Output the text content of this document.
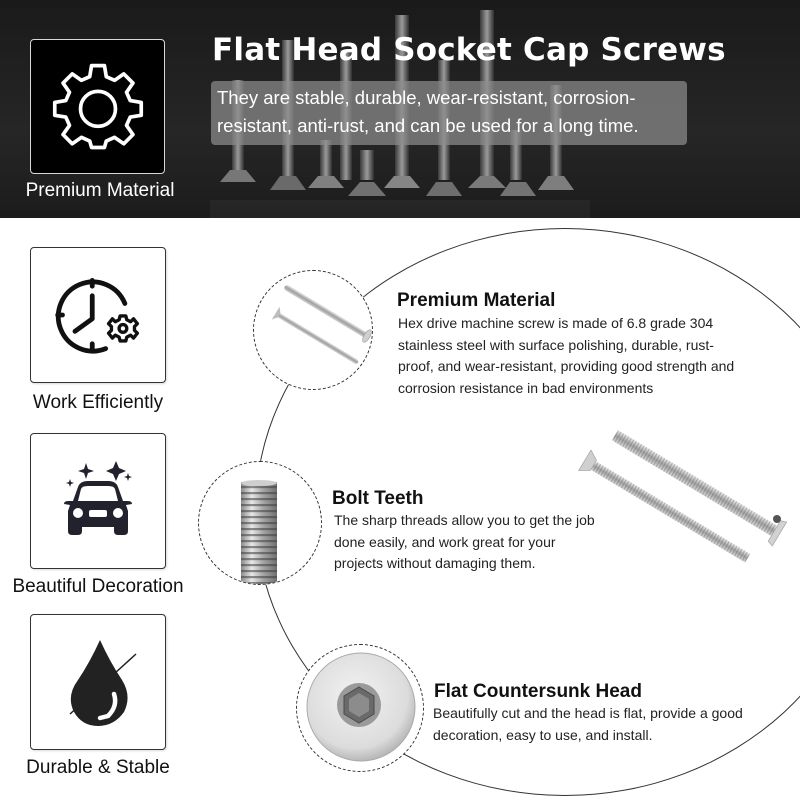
Premium Material
Flat Head Socket Cap Screws
They are stable, durable, wear-resistant, corrosion-resistant, anti-rust, and can be used for a long time.
Work Efficiently
Beautiful Decoration
Durable & Stable
Premium Material
Hex drive machine screw is made of 6.8 grade 304 stainless steel with surface polishing, durable, rust-proof, and wear-resistant, providing good strength and corrosion resistance in bad environments
Bolt Teeth
The sharp threads allow you to get the job done easily, and work great for your projects without damaging them.
Flat Countersunk Head
Beautifully cut and the head is flat, provide a good decoration, easy to use, and install.
